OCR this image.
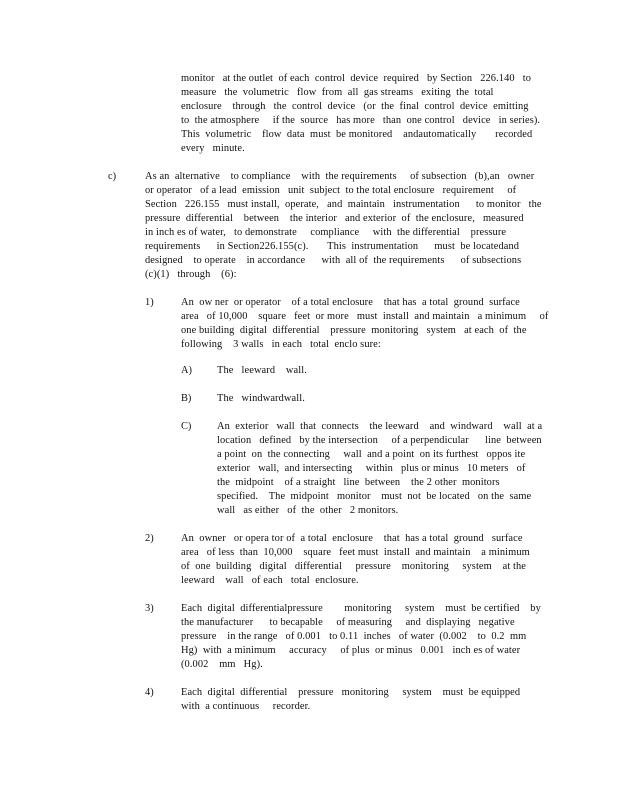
monitor   at the outlet  of each  control  device  required   by Section   226.140   to
measure   the  volumetric   flow  from  all  gas streams   exiting  the  total
enclosure    through   the  control  device   (or  the  final  control  device  emitting
to  the atmosphere     if the  source   has more   than  one control   device   in series).
This  volumetric    flow  data  must  be monitored    andautomatically       recorded
every   minute.
c)	As an  alternative    to compliance    with  the requirements     of subsection   (b),an   owner
or operator   of a lead  emission   unit  subject  to the total enclosure   requirement     of
Section   226.155   must install,  operate,   and  maintain   instrumentation      to monitor   the
pressure  differential    between    the interior   and exterior  of  the enclosure,   measured
in inch es of water,   to demonstrate     compliance     with  the differential    pressure
requirements      in Section226.155(c).       This  instrumentation      must  be locatedand
designed    to operate    in accordance      with  all of  the requirements      of subsections
(c)(1)   through    (6):
1)	An  ow ner  or operator    of a total enclosure    that has  a total  ground  surface
area   of 10,000    square   feet  or more   must  install  and maintain   a minimum     of
one building  digital  differential    pressure  monitoring   system   at each  of  the
following    3 walls   in each   total  enclo sure:
A) The   leeward    wall.
B) The   windwardwall.
C) An  exterior   wall  that  connects    the leeward    and  windward    wall  at a
location   defined   by the intersection     of a perpendicular      line  between
a point  on  the connecting     wall  and a point  on its furthest   oppos ite
exterior   wall,  and intersecting     within   plus or minus   10 meters   of
the  midpoint    of a straight   line  between    the 2 other  monitors
specified.    The  midpoint   monitor    must  not  be located   on the  same
wall   as either   of  the  other   2 monitors.
2)	An  owner   or opera tor of  a total  enclosure    that  has a total  ground   surface
area   of less  than  10,000    square   feet must  install  and maintain    a minimum
of  one  building   digital   differential     pressure    monitoring     system    at the
leeward    wall   of each   total  enclosure.
3)	Each  digital  differentialpressure        monitoring     system    must  be certified    by
the manufacturer      to becapable     of measuring     and  displaying   negative
pressure    in the range   of 0.001   to 0.11  inches   of water  (0.002    to  0.2  mm
Hg)  with  a minimum     accuracy     of plus  or minus   0.001   inch es of water
(0.002    mm   Hg).
4)	Each  digital  differential    pressure   monitoring     system    must  be equipped
with  a continuous     recorder.
